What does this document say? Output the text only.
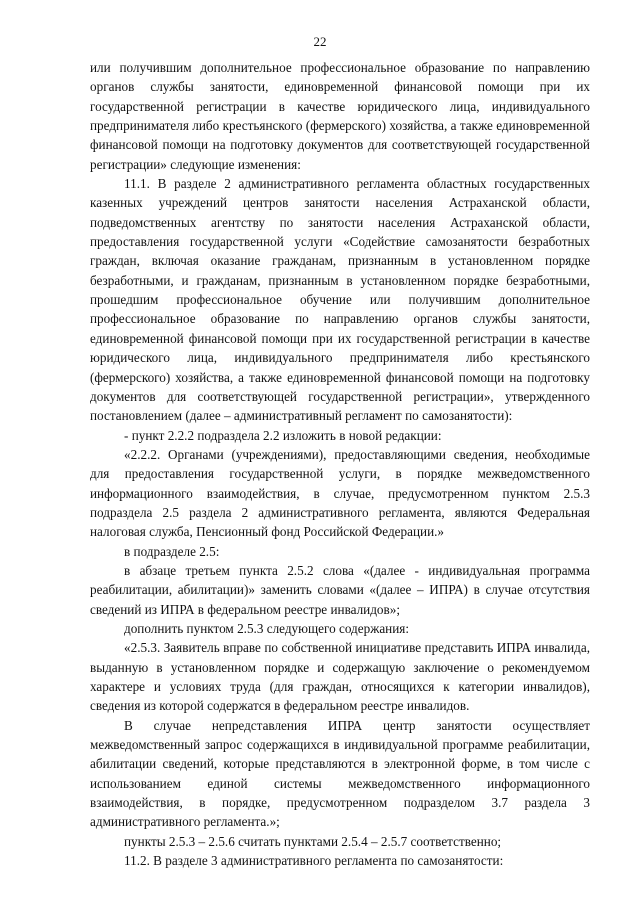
22

или получившим дополнительное профессиональное образование по направлению органов службы занятости, единовременной финансовой помощи при их государственной регистрации в качестве юридического лица, индивидуального предпринимателя либо крестьянского (фермерского) хозяйства, а также единовременной финансовой помощи на подготовку документов для соответствующей государственной регистрации» следующие изменения:

11.1. В разделе 2 административного регламента областных государственных казенных учреждений центров занятости населения Астраханской области, подведомственных агентству по занятости населения Астраханской области, предоставления государственной услуги «Содействие самозанятости безработных граждан, включая оказание гражданам, признанным в установленном порядке безработными, и гражданам, признанным в установленном порядке безработными, прошедшим профессиональное обучение или получившим дополнительное профессиональное образование по направлению органов службы занятости, единовременной финансовой помощи при их государственной регистрации в качестве юридического лица, индивидуального предпринимателя либо крестьянского (фермерского) хозяйства, а также единовременной финансовой помощи на подготовку документов для соответствующей государственной регистрации», утвержденного постановлением (далее – административный регламент по самозанятости):

- пункт 2.2.2 подраздела 2.2 изложить в новой редакции:

«2.2.2. Органами (учреждениями), предоставляющими сведения, необходимые для предоставления государственной услуги, в порядке межведомственного информационного взаимодействия, в случае, предусмотренном пунктом 2.5.3 подраздела 2.5 раздела 2 административного регламента, являются Федеральная налоговая служба, Пенсионный фонд Российской Федерации.»

в подразделе 2.5:

в абзаце третьем пункта 2.5.2 слова «(далее - индивидуальная программа реабилитации, абилитации)» заменить словами «(далее – ИПРА) в случае отсутствия сведений из ИПРА в федеральном реестре инвалидов»;

дополнить пунктом 2.5.3 следующего содержания:

«2.5.3. Заявитель вправе по собственной инициативе представить ИПРА инвалида, выданную в установленном порядке и содержащую заключение о рекомендуемом характере и условиях труда (для граждан, относящихся к категории инвалидов), сведения из которой содержатся в федеральном реестре инвалидов.

В случае непредставления ИПРА центр занятости осуществляет межведомственный запрос содержащихся в индивидуальной программе реабилитации, абилитации сведений, которые представляются в электронной форме, в том числе с использованием единой системы межведомственного информационного взаимодействия, в порядке, предусмотренном подразделом 3.7 раздела 3 административного регламента.»;

пункты 2.5.3 – 2.5.6 считать пунктами 2.5.4 – 2.5.7 соответственно;

11.2. В разделе 3 административного регламента по самозанятости:
